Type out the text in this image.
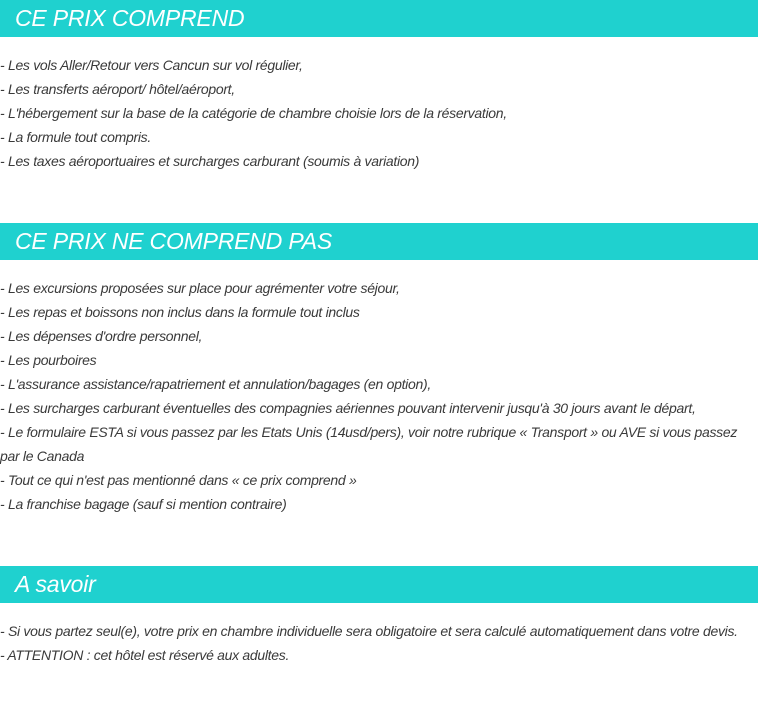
CE PRIX COMPREND
- Les vols Aller/Retour vers Cancun sur vol régulier,
- Les transferts aéroport/ hôtel/aéroport,
- L'hébergement sur la base de la catégorie de chambre choisie lors de la réservation,
- La formule tout compris.
- Les taxes aéroportuaires et surcharges carburant (soumis à variation)
CE PRIX NE COMPREND PAS
- Les excursions proposées sur place pour agrémenter votre séjour,
- Les repas et boissons non inclus dans la formule tout inclus
- Les dépenses d'ordre personnel,
- Les pourboires
- L'assurance assistance/rapatriement et annulation/bagages (en option),
- Les surcharges carburant éventuelles des compagnies aériennes pouvant intervenir jusqu'à 30 jours avant le départ,
- Le formulaire ESTA si vous passez par les Etats Unis (14usd/pers), voir notre rubrique « Transport » ou AVE si vous passez par le Canada
- Tout ce qui n'est pas mentionné dans « ce prix comprend »
- La franchise bagage (sauf si mention contraire)
A savoir
- Si vous partez seul(e), votre prix en chambre individuelle sera obligatoire et sera calculé automatiquement dans votre devis.
- ATTENTION : cet hôtel est réservé aux adultes.
